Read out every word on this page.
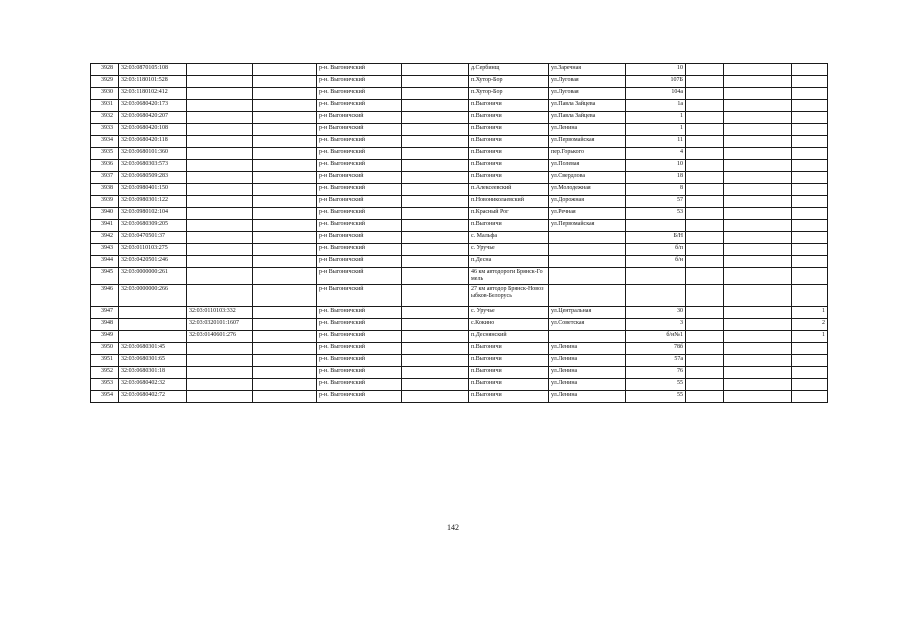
3928	32:03:0870105:108			р-н. Выгоничский		д.Сербинщ	ул.Заречная	10			
3929	32:03:1180101:528			р-н. Выгоничский		п.Хутор-Бор	ул.Луговая	107Б			
3930	32:03:1180102:412			р-н. Выгоничский		п.Хутор-Бор	ул.Луговая	104а			
3931	32:03:0680420:173			р-н. Выгоничский		п.Выгоничи	ул.Павла Зайцева	1а			
3932	32:03:0680420:207			р-н Выгоничский		п.Выгоничи	ул.Павла Зайцева	1			
3933	32:03:0680420:108			р-н Выгоничский		п.Выгоничи	ул.Ленина	1			
3934	32:03:0680420:118			р-н. Выгоничский		п.Выгоничи	ул.Первомайская	11			
3935	32:03:0680101:360			р-н. Выгоничский		п.Выгоничи	пер.Горького	4			
3936	32:03:0680303:573			р-н. Выгоничский		п.Выгоничи	ул.Полевая	10			
3937	32:03:0680509:283			р-н Выгоничский		п.Выгоничи	ул.Свердлова	18			
3938	32:03:0980401:150			р-н. Выгоничский		п.Алексеевский	ул.Молодежная	8			
3939	32:03:0980301:122			р-н Выгоничский		п.Новониколаевский	ул.Дорожная	57			
3940	32:03:0980102:104			р-н. Выгоничский		п.Красный Рог	ул.Речная	53			
3941	32:03:0680309:205			р-н. Выгоничский		п.Выгоничи	ул.Первомайская				
3942	32:03:0470501:37			р-н Выгоничский		с. Мальфа		Б/Н			
3943	32:03:0110103:275			р-н. Выгоничский		с. Уручье		б/п			
3944	32:03:0420501:246			р-н Выгоничский		п.Десна		б/н			
3945	32:03:0000000:261			р-н Выгоничский		46 км автодороги Брянск-Гомель					
3946	32:03:0000000:266			р-н Выгоничский		27 км автодор Брянск-Новозыбков-Белорусь					
3947		32:03:0110103:332		р-н. Выгоничский		с. Уручье	ул.Центральная	30			1
3948		32:03:0320101:1607		р-н. Выгоничский		с.Кокино	ул.Советская	3			2
3949		32:03:0140601:276		р-н. Выгоничский		п.Деснянский		б/н№1			1
3950	32:03:0680301:45			р-н. Выгоничский		п.Выгоничи	ул.Ленина	78б			
3951	32:03:0680301:65			р-н. Выгоничский		п.Выгоничи	ул.Ленина	57а			
3952	32:03:0680301:18			р-н. Выгоничский		п.Выгоничи	ул.Ленина	76			
3953	32:03:0680402:32			р-н. Выгоничский		п.Выгоничи	ул.Ленина	55			
3954	32:03:0680402:72			р-н. Выгоничский		п.Выгоничи	ул.Ленина	55			
142
